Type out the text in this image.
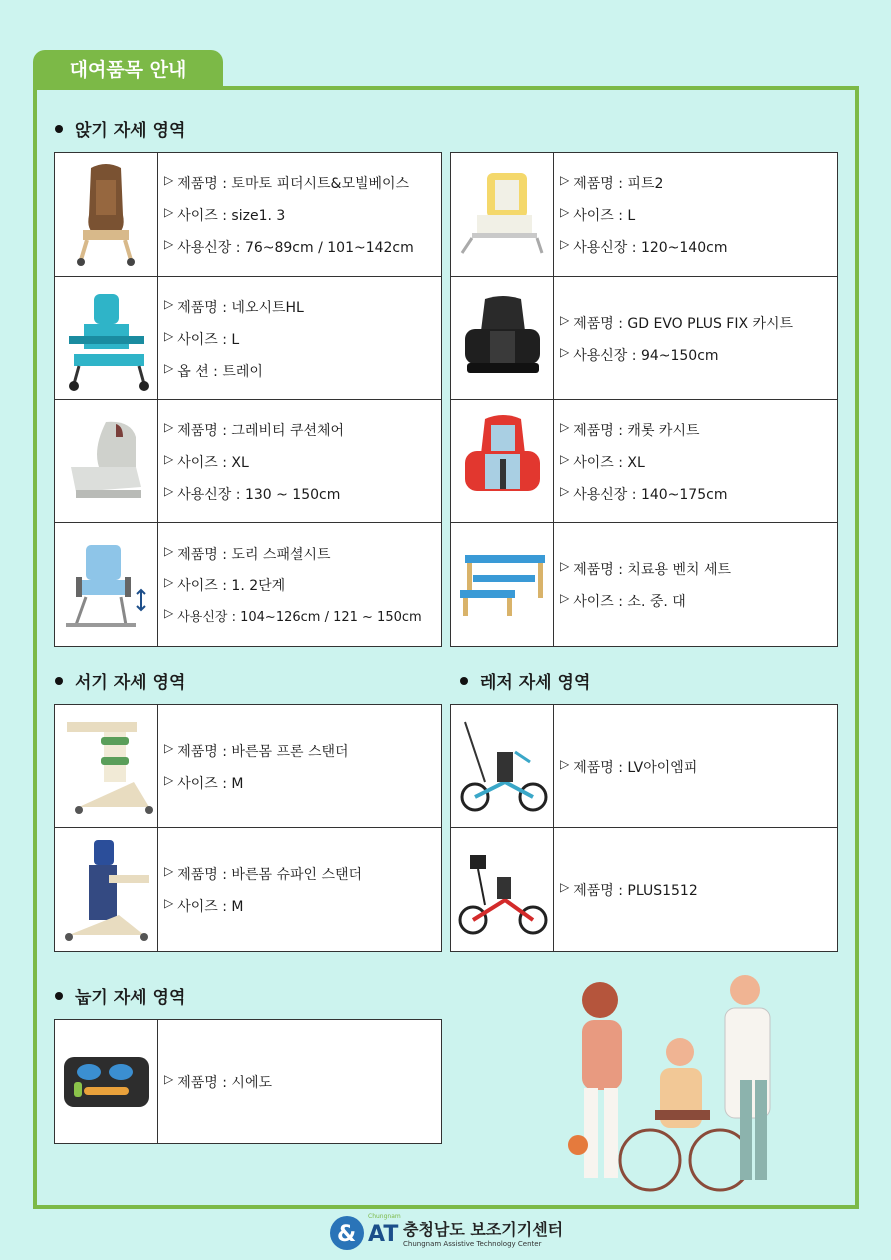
대여품목 안내
앉기 자세 영역
▷ 제품명 : 토마토 피더시트&모빌베이스
▷ 사이즈 : size1. 3
▷ 사용신장 : 76~89cm / 101~142cm
▷ 제품명 : 네오시트HL
▷ 사이즈 : L
▷ 옵 션 : 트레이
▷ 제품명 : 그레비티 쿠션체어
▷ 사이즈 : XL
▷ 사용신장 : 130 ~ 150cm
▷ 제품명 : 도리 스패셜시트
▷ 사이즈 : 1. 2단계
▷ 사용신장 : 104~126cm / 121 ~ 150cm
▷ 제품명 : 피트2
▷ 사이즈 : L
▷ 사용신장 : 120~140cm
▷ 제품명 : GD EVO PLUS FIX 카시트
▷ 사용신장 : 94~150cm
▷ 제품명 : 캐롯 카시트
▷ 사이즈 : XL
▷ 사용신장 : 140~175cm
▷ 제품명 : 치료용 벤치 세트
▷ 사이즈 : 소. 중. 대
서기 자세 영역	레저 자세 영역
▷ 제품명 : 바른몸 프론 스탠더
▷ 사이즈 : M
▷ 제품명 : 바른몸 슈파인 스탠더
▷ 사이즈 : M
▷ 제품명 : LV아이엠피
▷ 제품명 : PLUS1512
눕기 자세 영역
▷ 제품명 : 시에도
&	충청남도 보조기기센터
Chungnam Assistive Technology Center
Chungnam
AT
